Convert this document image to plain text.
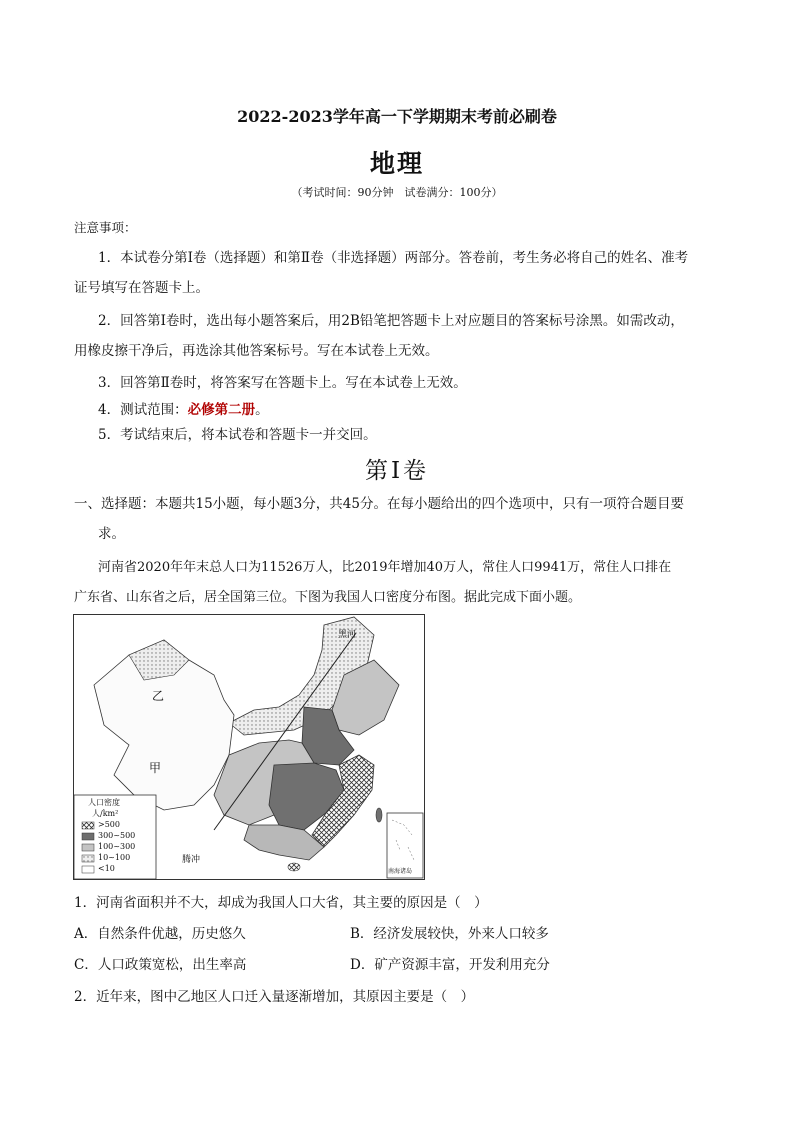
2022-2023学年高一下学期期末考前必刷卷
地理
（考试时间：90分钟　试卷满分：100分）
注意事项：
1．本试卷分第Ⅰ卷（选择题）和第Ⅱ卷（非选择题）两部分。答卷前，考生务必将自己的姓名、准考
证号填写在答题卡上。
2．回答第Ⅰ卷时，选出每小题答案后，用2B铅笔把答题卡上对应题目的答案标号涂黑。如需改动，
用橡皮擦干净后，再选涂其他答案标号。写在本试卷上无效。
3．回答第Ⅱ卷时，将答案写在答题卡上。写在本试卷上无效。
4．测试范围：必修第二册。
5．考试结束后，将本试卷和答题卡一并交回。
第Ⅰ卷
一、选择题：本题共15小题，每小题3分，共45分。在每小题给出的四个选项中，只有一项符合题目要
求。
河南省2020年年末总人口为11526万人，比2019年增加40万人，常住人口9941万，常住人口排在
广东省、山东省之后，居全国第三位。下图为我国人口密度分布图。据此完成下面小题。
黑河
腾冲
乙
甲
南海诸岛
人口密度
人/km²
>500
300~500
100~300
10~100
<10
1．河南省面积并不大，却成为我国人口大省，其主要的原因是（　）
A．自然条件优越，历史悠久	B．经济发展较快，外来人口较多
C．人口政策宽松，出生率高	D．矿产资源丰富，开发利用充分
2．近年来，图中乙地区人口迁入量逐渐增加，其原因主要是（　）
